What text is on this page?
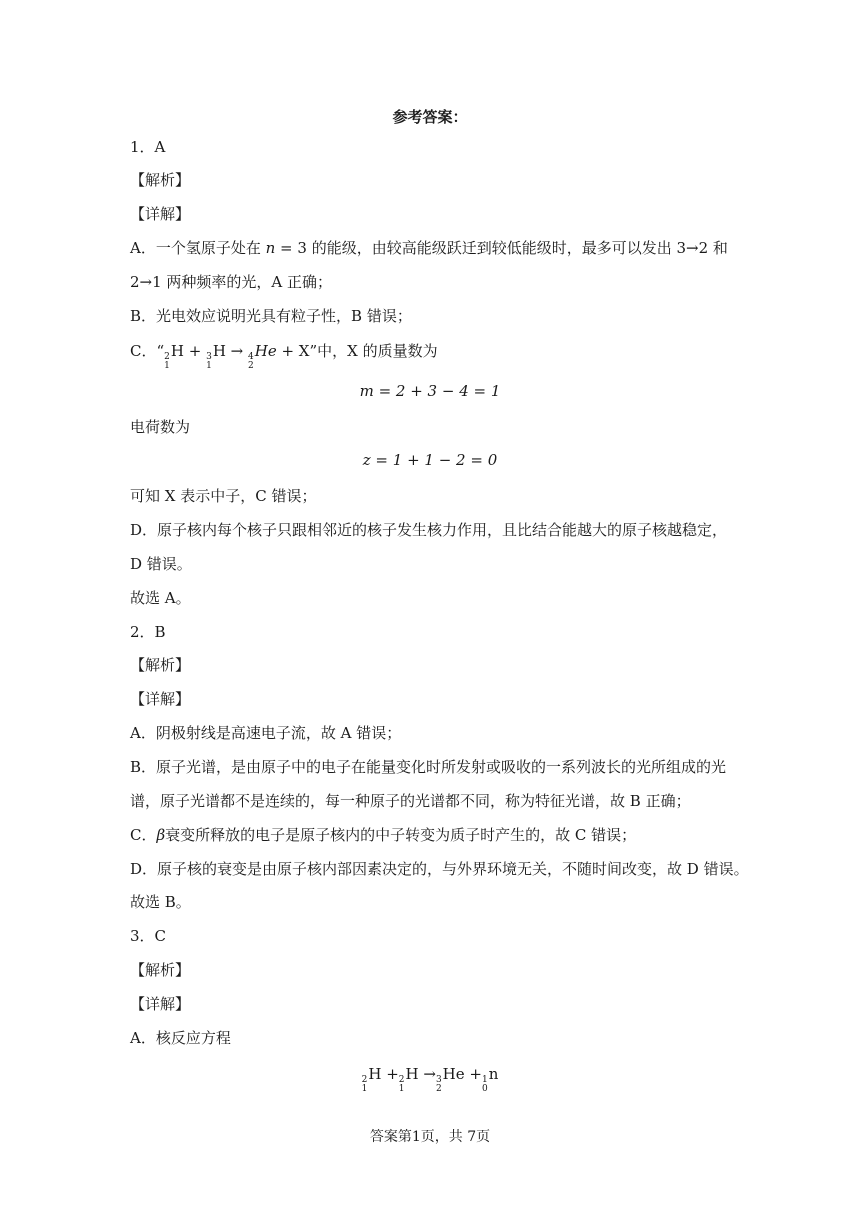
参考答案：
1．A
【解析】
【详解】
A．一个氢原子处在 n = 3 的能级，由较高能级跃迁到较低能级时，最多可以发出 3→2 和
2→1 两种频率的光，A 正确；
B．光电效应说明光具有粒子性，B 错误；
C．“ 2
1
H + 3
1
H → 4
2
He + X”中，X 的质量数为
m = 2 + 3 − 4 = 1
电荷数为
z = 1 + 1 − 2 = 0
可知 X 表示中子，C 错误；
D．原子核内每个核子只跟相邻近的核子发生核力作用，且比结合能越大的原子核越稳定，
D 错误。
故选 A。
2．B
【解析】
【详解】
A．阴极射线是高速电子流，故 A 错误；
B．原子光谱，是由原子中的电子在能量变化时所发射或吸收的一系列波长的光所组成的光
谱，原子光谱都不是连续的，每一种原子的光谱都不同，称为特征光谱，故 B 正确；
C．β衰变所释放的电子是原子核内的中子转变为质子时产生的，故 C 错误；
D．原子核的衰变是由原子核内部因素决定的，与外界环境无关，不随时间改变，故 D 错误。
故选 B。
3．C
【解析】
【详解】
A．核反应方程
2
1
H + 2
1
H → 3
2
He + 1
0
n
答案第1页，共 7页
